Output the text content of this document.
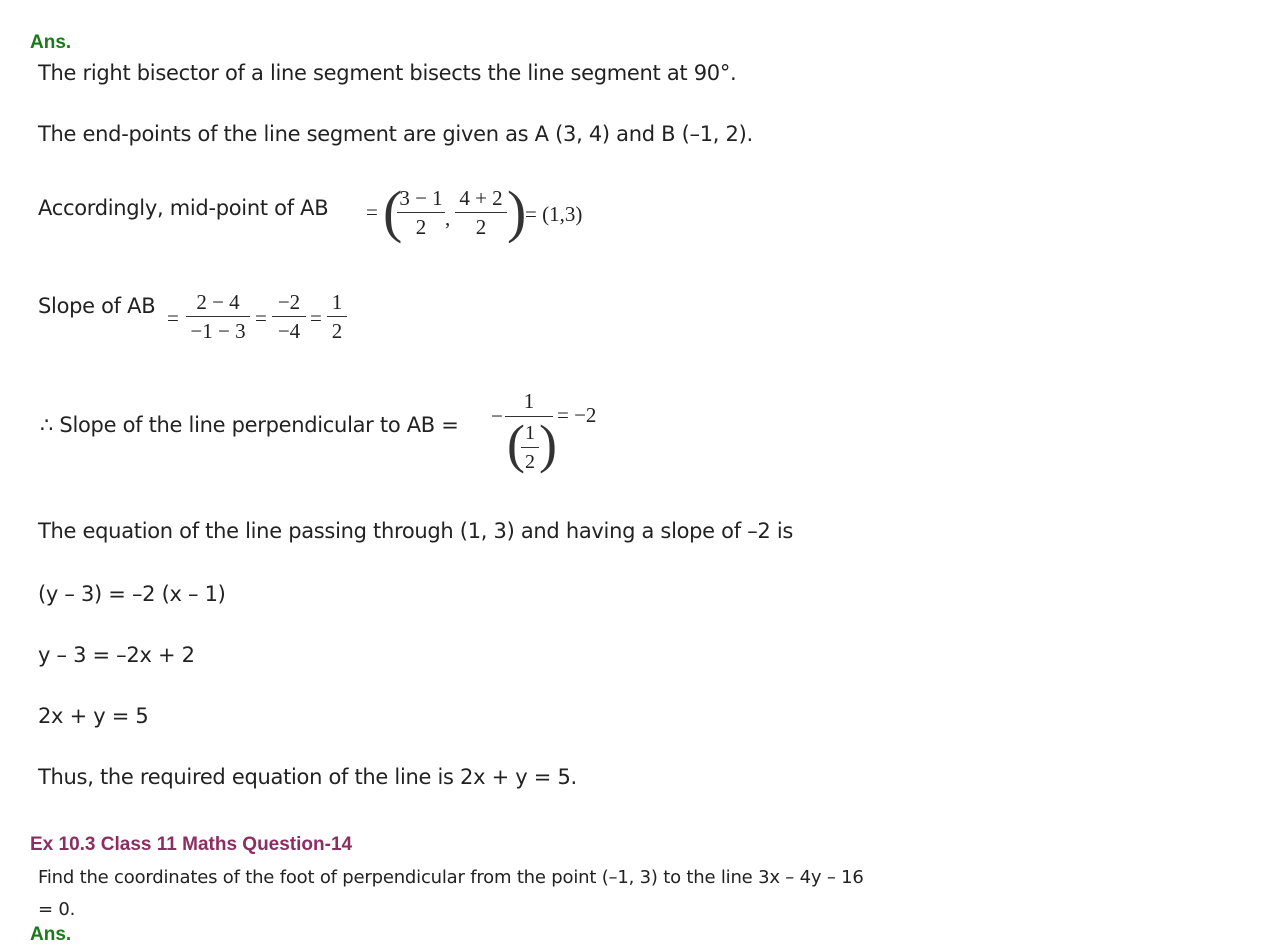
Ans.
The right bisector of a line segment bisects the line segment at 90°.
The end-points of the line segment are given as A (3, 4) and B (–1, 2).
Accordingly, mid-point of AB = (
3 − 1
2 ,
4 + 2
2 )
= (1,3)
Slope of AB =
2 − 4
−1 − 3
=
−2
−4
=
1
2
∴ Slope of the line perpendicular to AB = −
1
( 1
2 ) = −2
The equation of the line passing through (1, 3) and having a slope of –2 is
(y – 3) = –2 (x – 1)
y – 3 = –2x + 2
2x + y = 5
Thus, the required equation of the line is 2x + y = 5.
Ex 10.3 Class 11 Maths Question-14
Find the coordinates of the foot of perpendicular from the point (–1, 3) to the line 3x – 4y – 16
= 0.
Ans.
